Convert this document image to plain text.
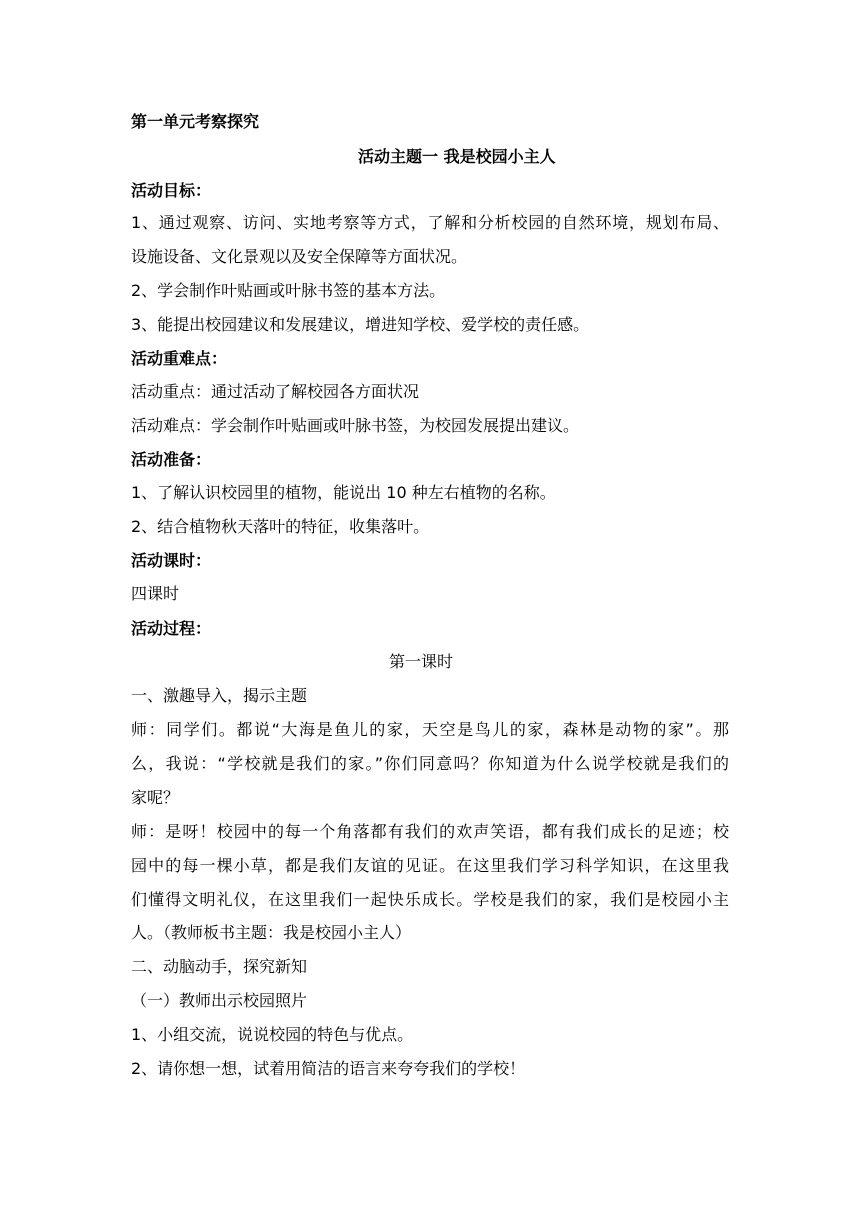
第一单元考察探究

活动主题一 我是校园小主人

活动目标：

1、通过观察、访问、实地考察等方式，了解和分析校园的自然环境，规划布局、

设施设备、文化景观以及安全保障等方面状况。

2、学会制作叶贴画或叶脉书签的基本方法。

3、能提出校园建议和发展建议，增进知学校、爱学校的责任感。

活动重难点：

活动重点：通过活动了解校园各方面状况

活动难点：学会制作叶贴画或叶脉书签，为校园发展提出建议。

活动准备：

1、了解认识校园里的植物，能说出 10 种左右植物的名称。

2、结合植物秋天落叶的特征，收集落叶。

活动课时：

四课时

活动过程：

第一课时

一、激趣导入，揭示主题

师：同学们。都说“大海是鱼儿的家，天空是鸟儿的家，森林是动物的家”。那

么，我说：“学校就是我们的家。”你们同意吗？你知道为什么说学校就是我们的

家呢？

师：是呀！校园中的每一个角落都有我们的欢声笑语，都有我们成长的足迹；校

园中的每一棵小草，都是我们友谊的见证。在这里我们学习科学知识，在这里我

们懂得文明礼仪，在这里我们一起快乐成长。学校是我们的家，我们是校园小主

人。（教师板书主题：我是校园小主人）

二、动脑动手，探究新知

（一）教师出示校园照片

1、小组交流，说说校园的特色与优点。

2、请你想一想，试着用简洁的语言来夸夸我们的学校！
